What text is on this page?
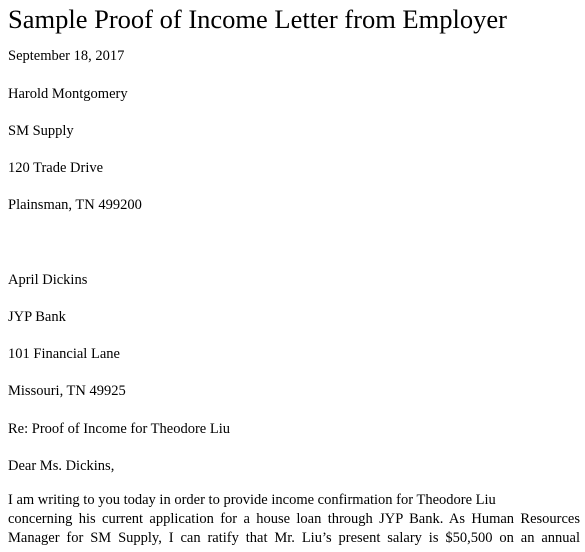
Sample Proof of Income Letter from Employer

September 18, 2017

Harold Montgomery

SM Supply

120 Trade Drive

Plainsman, TN 499200

April Dickins

JYP Bank

101 Financial Lane

Missouri, TN 49925

Re: Proof of Income for Theodore Liu

Dear Ms. Dickins,

I am writing to you today in order to provide income confirmation for Theodore Liu
concerning his current application for a house loan through JYP Bank. As Human Resources
Manager for SM Supply, I can ratify that Mr. Liu’s present salary is $50,500 on an annual
